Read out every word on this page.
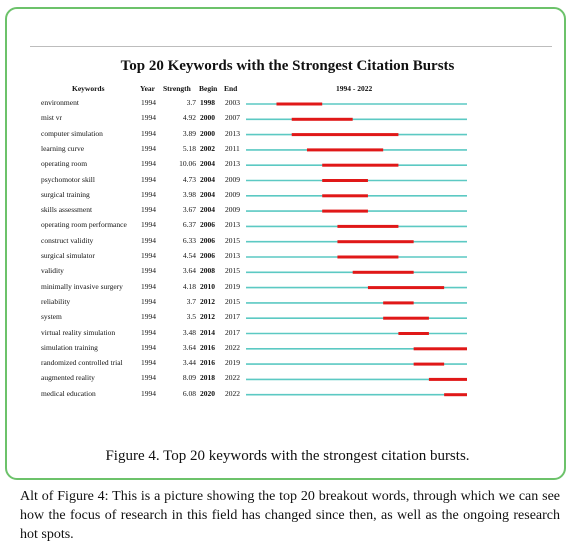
Top 20 Keywords with the Strongest Citation Bursts
Keywords	Year Strength Begin End	1994 - 2022
environment	1994	3.7 1998 2003
mist vr	1994	4.92 2000 2007
computer simulation	1994	3.89 2000 2013
learning curve	1994	5.18 2002 2011
operating room	1994	10.06 2004 2013
psychomotor skill	1994	4.73 2004 2009
surgical training	1994	3.98 2004 2009
skills assessment	1994	3.67 2004 2009
operating room performance 1994	6.37 2006 2013
construct validity	1994	6.33 2006 2015
surgical simulator	1994	4.54 2006 2013
validity	1994	3.64 2008 2015
minimally invasive surgery 1994	4.18 2010 2019
reliability	1994	3.7 2012 2015
system	1994	3.5 2012 2017
virtual reality simulation	1994	3.48 2014 2017
simulation training	1994	3.64 2016 2022
randomized controlled trial 1994	3.44 2016 2019
augmented reality	1994	8.09 2018 2022
medical education	1994	6.08 2020 2022
Figure 4. Top 20 keywords with the strongest citation bursts.
Alt of Figure 4: This is a picture showing the top 20 breakout words, through which we can see how the focus of research in this field has changed since then, as well as the ongoing research hot spots.
